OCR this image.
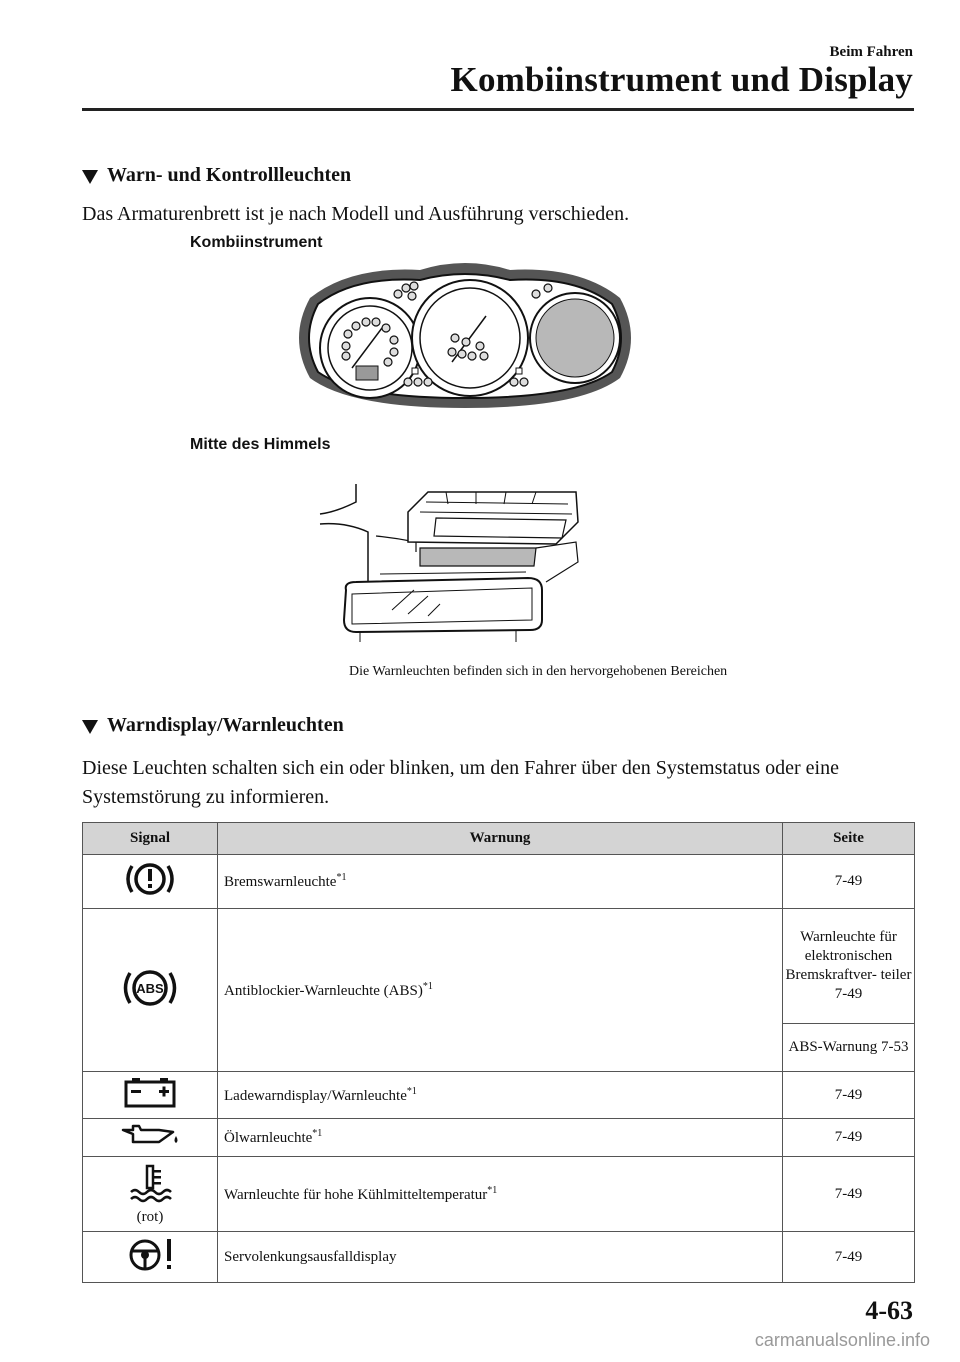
Beim Fahren
Kombiinstrument und Display
Warn- und Kontrollleuchten
Das Armaturenbrett ist je nach Modell und Ausführung verschieden.
Kombiinstrument
Mitte des Himmels
Die Warnleuchten befinden sich in den hervorgehobenen Bereichen
Warndisplay/Warnleuchten
Diese Leuchten schalten sich ein oder blinken, um den Fahrer über den Systemstatus oder eine Systemstörung zu informieren.
Signal	Warnung	Seite
	Bremswarnleuchte$^{*1}$	7-49

ABS	Antiblockier-Warnleuchte (ABS)$^{*1}$	Warnleuchte für elektronischen Bremskraftver- teiler 7-49
		ABS-Warnung 7-53
	Ladewarndisplay/Warnleuchte$^{*1}$	7-49
	Ölwarnleuchte$^{*1}$	7-49

(rot)	Warnleuchte für hohe Kühlmitteltemperatur$^{*1}$	7-49
	Servolenkungsausfalldisplay	7-49
4-63
carmanualsonline.info
